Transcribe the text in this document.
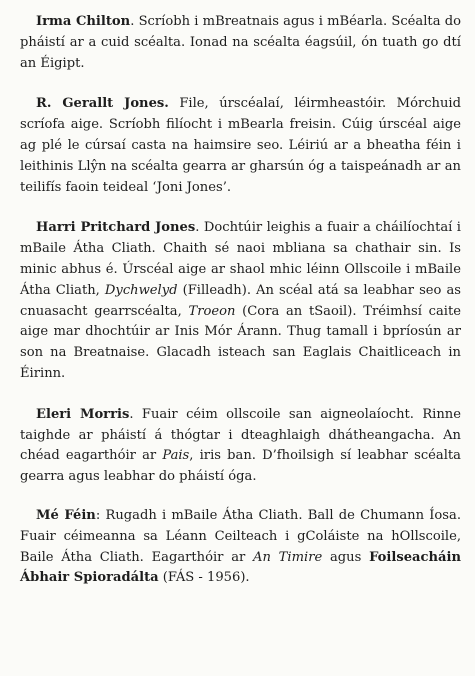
Irma Chilton. Scríobh i mBreatnais agus i mBéarla. Scéalta do pháistí ar a cuid scéalta. Ionad na scéalta éagsúil, ón tuath go dtí an Éigipt.

R. Gerallt Jones. File, úrscéalaí, léirmheastóir. Mórchuid scríofa aige. Scríobh filíocht i mBearla freisin. Cúig úrscéal aige ag plé le cúrsaí casta na haimsire seo. Léiriú ar a bheatha féin i leithinis Llŷn na scéalta gearra ar gharsún óg a taispeánadh ar an teilifís faoin teideal ‘Joni Jones’.

Harri Pritchard Jones. Dochtúir leighis a fuair a cháilíochtaí i mBaile Átha Cliath. Chaith sé naoi mbliana sa chathair sin. Is minic abhus é. Úrscéal aige ar shaol mhic léinn Ollscoile i mBaile Átha Cliath, Dychwelyd (Filleadh). An scéal atá sa leabhar seo as cnuasacht gearrscéalta, Troeon (Cora an tSaoil). Tréimhsí caite aige mar dhochtúir ar Inis Mór Árann. Thug tamall i bpríosún ar son na Breatnaise. Glacadh isteach san Eaglais Chaitliceach in Éirinn.

Eleri Morris. Fuair céim ollscoile san aigneolaíocht. Rinne taighde ar pháistí á thógtar i dteaghlaigh dhátheangacha. An chéad eagarthóir ar Pais, iris ban. D’fhoilsigh sí leabhar scéalta gearra agus leabhar do pháistí óga.

Mé Féin: Rugadh i mBaile Átha Cliath. Ball de Chumann Íosa. Fuair céimeanna sa Léann Ceilteach i gColáiste na hOllscoile, Baile Átha Cliath. Eagarthóir ar An Timire agus Foilseacháin Ábhair Spioradálta (FÁS - 1956).
